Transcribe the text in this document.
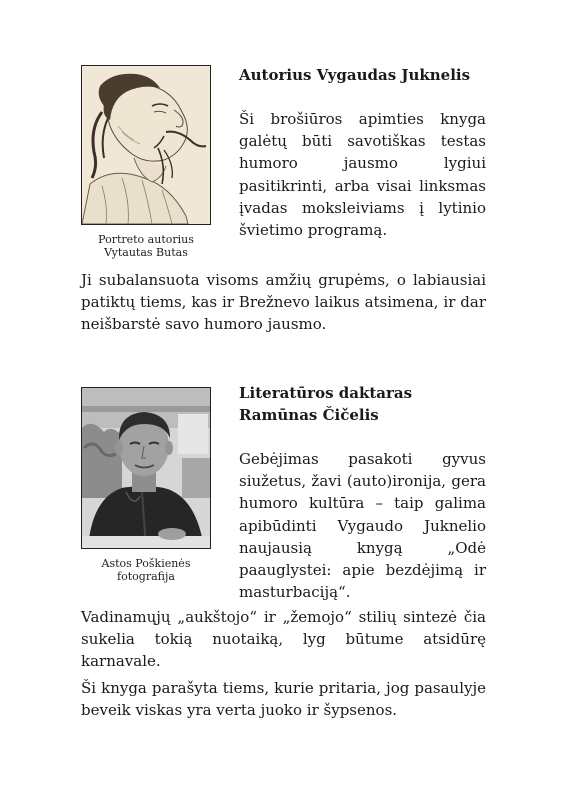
Portreto autorius
Vytautas Butas

Autorius Vygaudas Juknelis

Ši brošiūros apimties knyga galėtų būti savotiškas testas humoro jausmo lygiui pasitikrinti, arba visai linksmas įvadas moksleiviams į lytinio švietimo programą.

Ji subalansuota visoms amžių grupėms, o labiausiai patiktų tiems, kas ir Brežnevo laikus atsimena, ir dar neišbarstė savo humoro jausmo.

Astos Poškienės
fotografija

Literatūros daktaras

Ramūnas Čičelis

Gebėjimas pasakoti gyvus siužetus, žavi (auto)ironija, gera humoro kultūra – taip galima apibūdinti Vygaudo Juknelio naujausią knygą „Odė paauglystei: apie bezdėjimą ir masturbaciją“.

Vadinamųjų „aukštojo“ ir „žemojo“ stilių sintezė čia sukelia tokią nuotaiką, lyg būtume atsidūrę karnavale.

Ši knyga parašyta tiems, kurie pritaria, jog pasaulyje beveik viskas yra verta juoko ir šypsenos.
